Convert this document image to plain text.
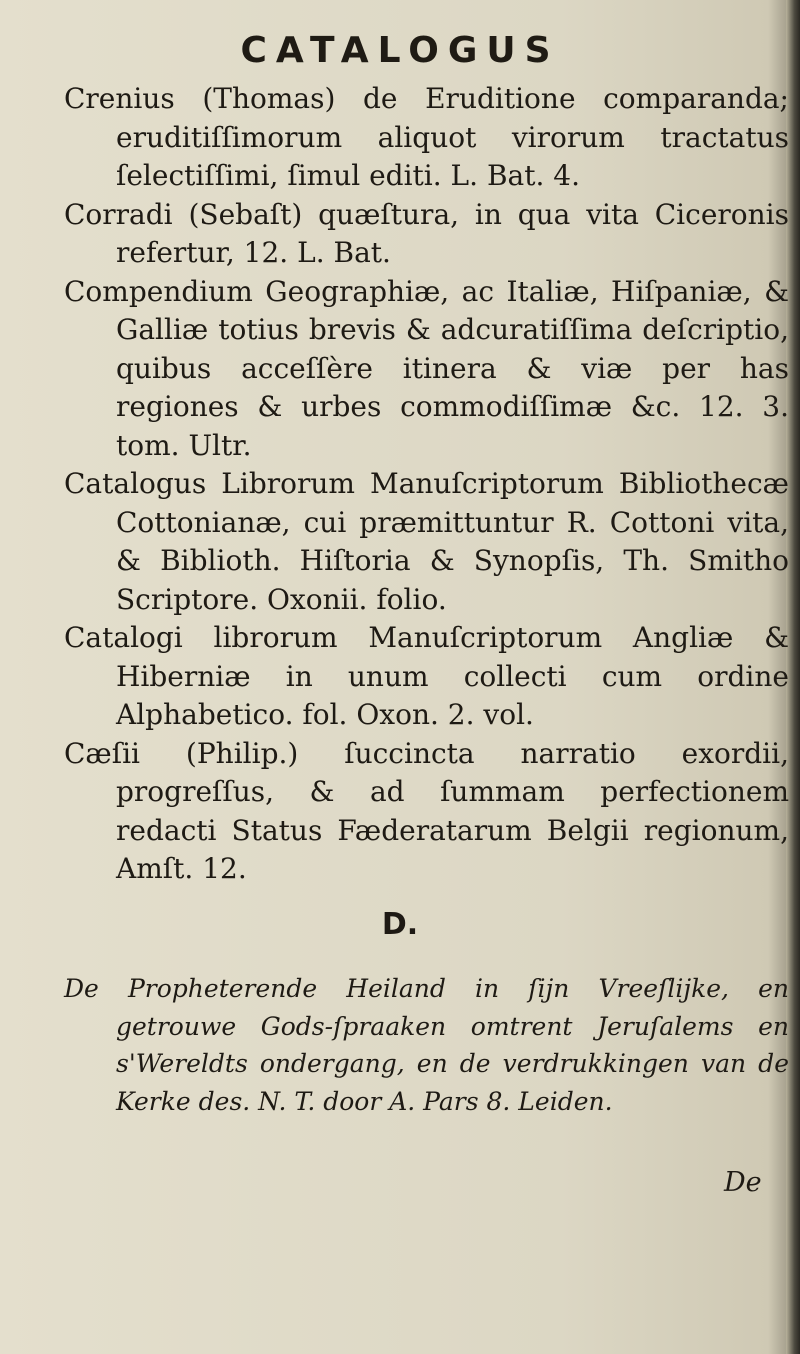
CATALOGUS

Crenius (Thomas) de Eruditione comparanda; eruditiſſimorum aliquot virorum tractatus ſelectiſſimi, ſimul editi. L. Bat. 4.

Corradi (Sebaſt) quæſtura, in qua vita Ciceronis refertur, 12. L. Bat.

Compendium Geographiæ, ac Italiæ, Hiſpaniæ, & Galliæ totius brevis & adcuratiſſima deſcriptio, quibus acceſſère itinera & viæ per has regiones & urbes commodiſſimæ &c. 12. 3. tom. Ultr.

Catalogus Librorum Manuſcriptorum Bibliothecæ Cottonianæ, cui præmittuntur R. Cottoni vita, & Biblioth. Hiſtoria & Synopſis, Th. Smitho Scriptore. Oxonii. folio.

Catalogi librorum Manuſcriptorum Angliæ & Hiberniæ in unum collecti cum ordine Alphabetico. fol. Oxon. 2. vol.

Cæſii (Philip.) ſuccincta narratio exordii, progreſſus, & ad ſummam perfectionem redacti Status Fæderatarum Belgii regionum, Amſt. 12.

D.

De Propheterende Heiland in ſijn Vreeſlijke, en getrouwe Gods-ſpraaken omtrent Jeruſalems en s'Wereldts ondergang, en de verdrukkingen van de Kerke des. N. T. door A. Pars 8. Leiden.

De
